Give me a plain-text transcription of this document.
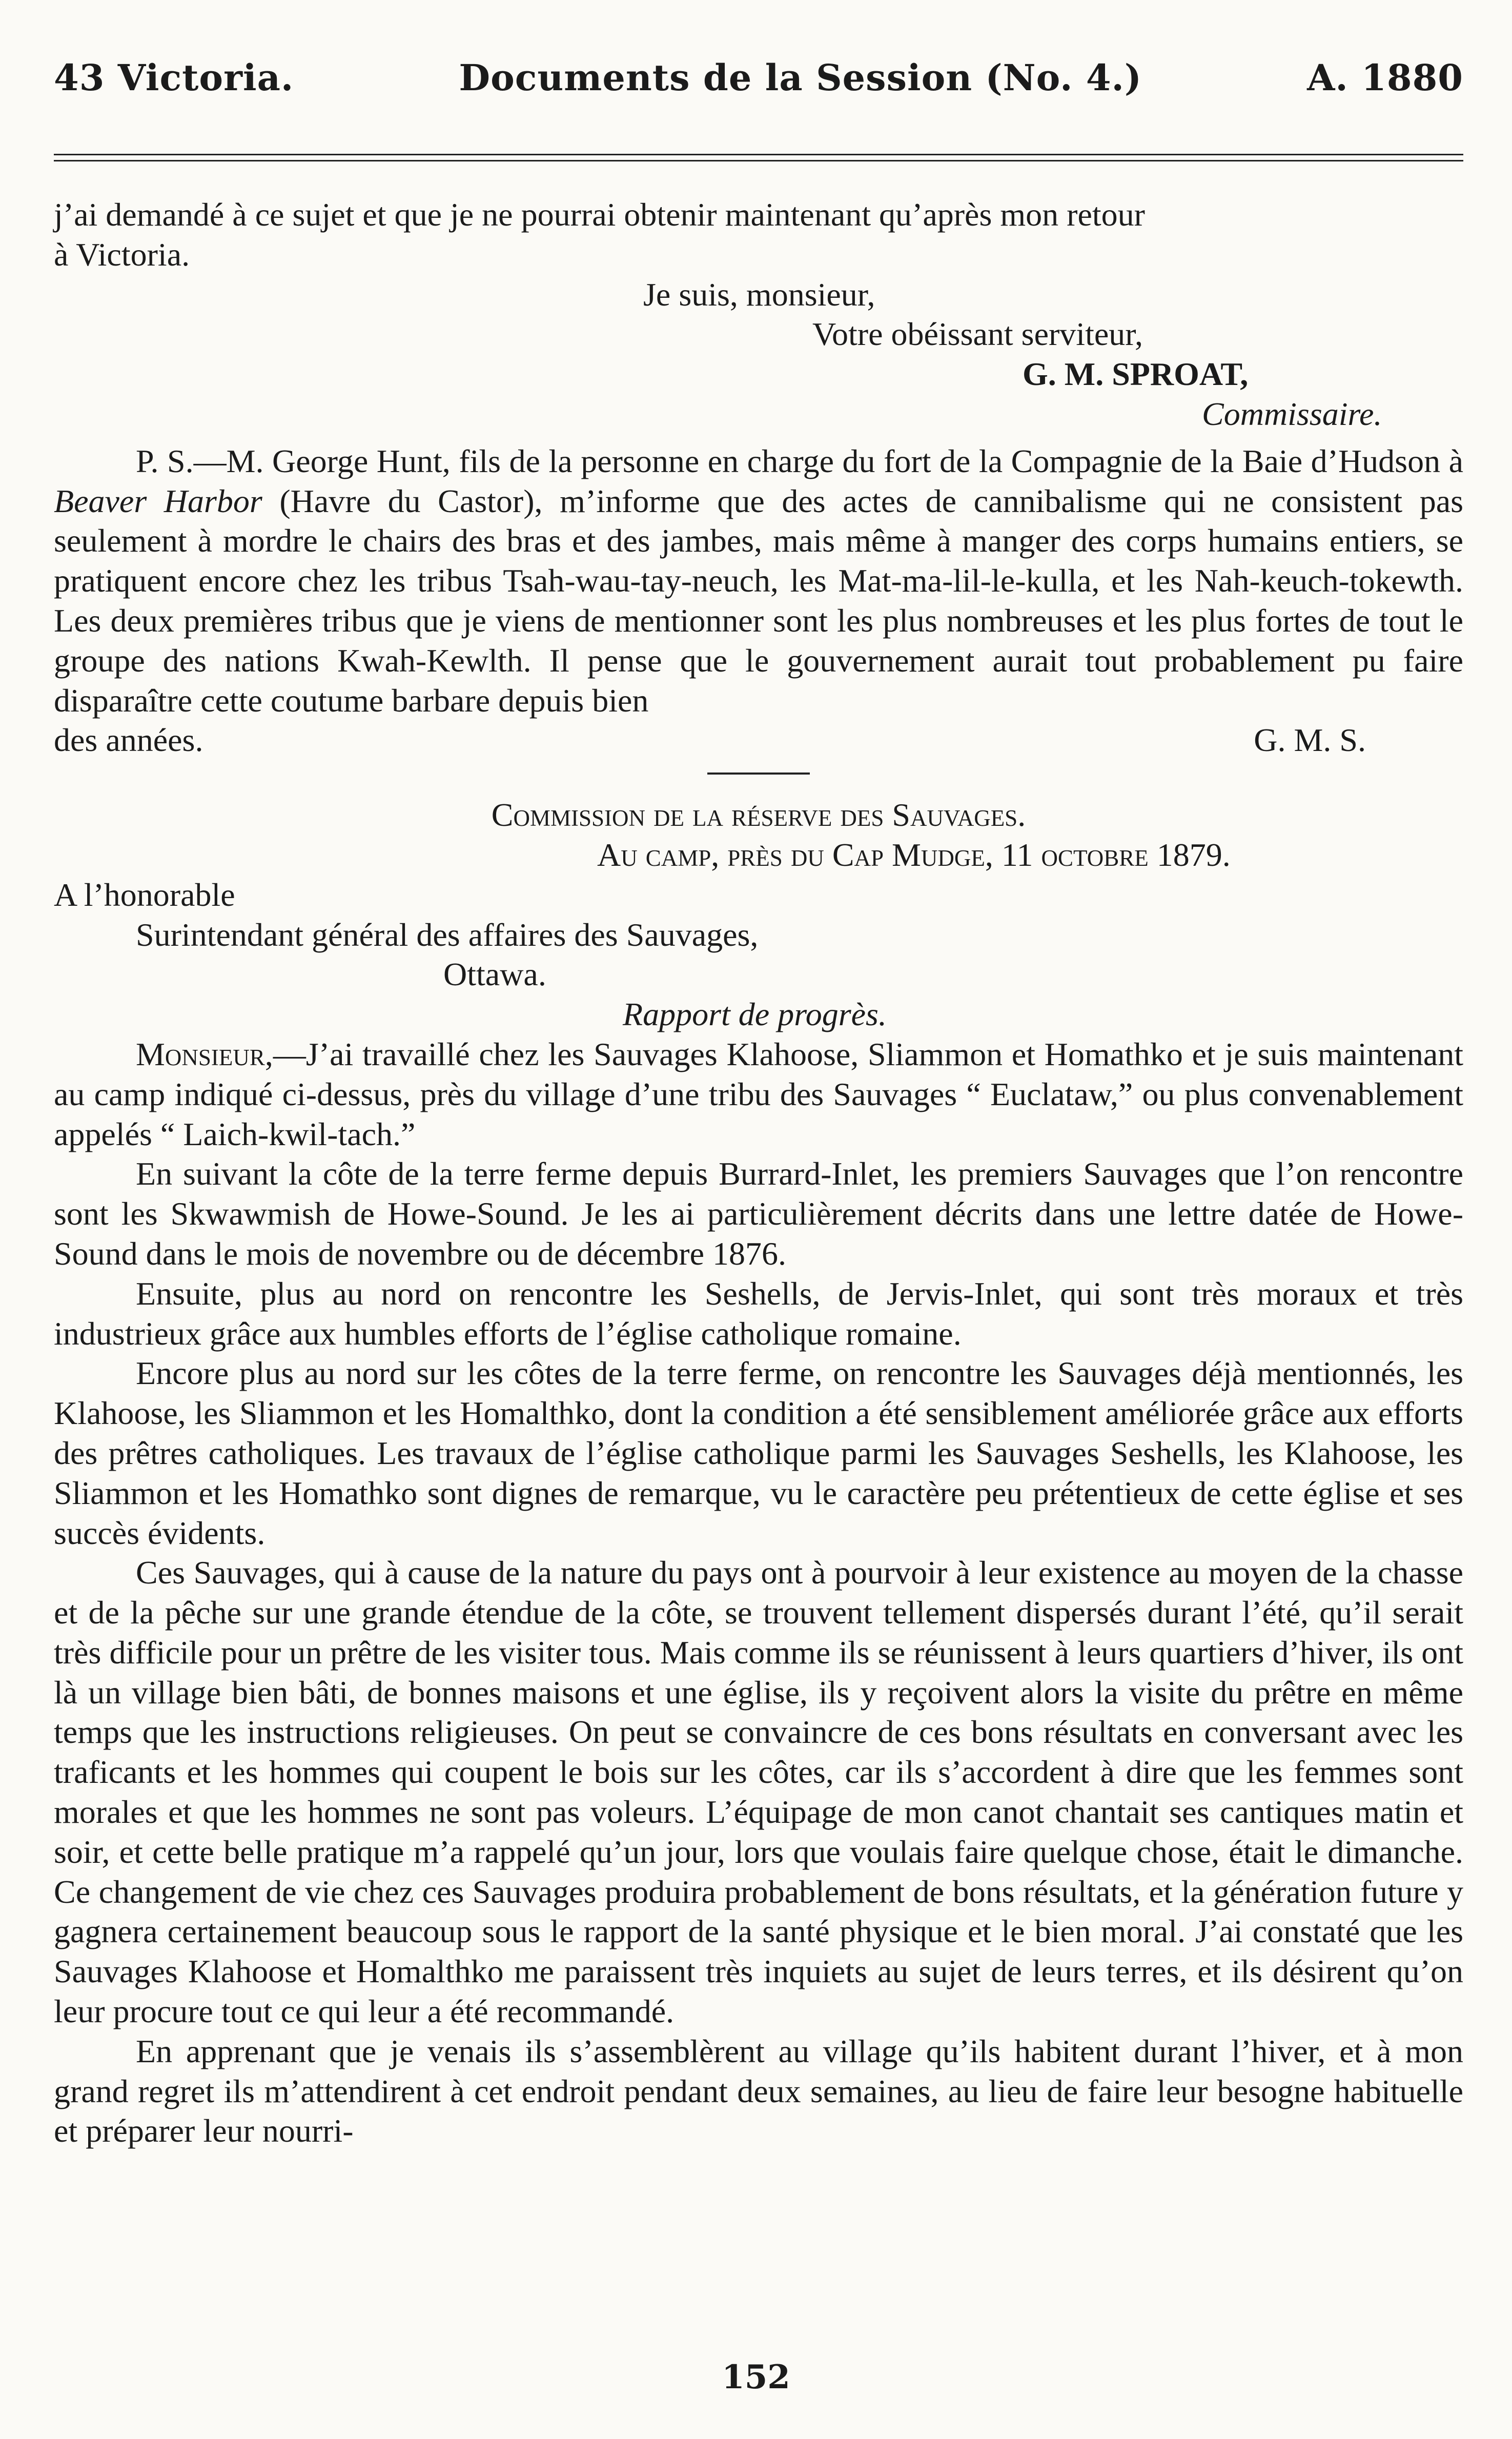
43 Victoria.	Documents de la Session (No. 4.)	A. 1880

j’ai demandé à ce sujet et que je ne pourrai obtenir maintenant qu’après mon retour

à Victoria.

Je suis, monsieur,

Votre obéissant serviteur,

G. M. SPROAT,

Commissaire.

P. S.—M. George Hunt, fils de la personne en charge du fort de la Compagnie de la Baie d’Hudson à Beaver Harbor (Havre du Castor), m’informe que des actes de cannibalisme qui ne consistent pas seulement à mordre le chairs des bras et des jambes, mais même à manger des corps humains entiers, se pratiquent encore chez les tribus Tsah-wau-tay-neuch, les Mat-ma-lil-le-kulla, et les Nah-keuch-tokewth. Les deux premières tribus que je viens de mentionner sont les plus nombreuses et les plus fortes de tout le groupe des nations Kwah-Kewlth. Il pense que le gouvernement aurait tout probablement pu faire disparaître cette coutume barbare depuis bien

des années.	G. M. S.

Commission de la réserve des Sauvages.

Au camp, près du Cap Mudge, 11 octobre 1879.

A l’honorable

Surintendant général des affaires des Sauvages,

Ottawa.

Rapport de progrès.

Monsieur,—J’ai travaillé chez les Sauvages Klahoose, Sliammon et Homathko et je suis maintenant au camp indiqué ci-dessus, près du village d’une tribu des Sauvages “ Euclataw,” ou plus convenablement appelés “ Laich-kwil-tach.”

En suivant la côte de la terre ferme depuis Burrard-Inlet, les premiers Sauvages que l’on rencontre sont les Skwawmish de Howe-Sound. Je les ai particulièrement décrits dans une lettre datée de Howe-Sound dans le mois de novembre ou de décembre 1876.

Ensuite, plus au nord on rencontre les Seshells, de Jervis-Inlet, qui sont très moraux et très industrieux grâce aux humbles efforts de l’église catholique romaine.

Encore plus au nord sur les côtes de la terre ferme, on rencontre les Sauvages déjà mentionnés, les Klahoose, les Sliammon et les Homalthko, dont la condition a été sensiblement améliorée grâce aux efforts des prêtres catholiques. Les travaux de l’église catholique parmi les Sauvages Seshells, les Klahoose, les Sliammon et les Homathko sont dignes de remarque, vu le caractère peu prétentieux de cette église et ses succès évidents.

Ces Sauvages, qui à cause de la nature du pays ont à pourvoir à leur existence au moyen de la chasse et de la pêche sur une grande étendue de la côte, se trouvent tellement dispersés durant l’été, qu’il serait très difficile pour un prêtre de les visiter tous. Mais comme ils se réunissent à leurs quartiers d’hiver, ils ont là un village bien bâti, de bonnes maisons et une église, ils y reçoivent alors la visite du prêtre en même temps que les instructions religieuses. On peut se convaincre de ces bons résultats en conversant avec les traficants et les hommes qui coupent le bois sur les côtes, car ils s’accordent à dire que les femmes sont morales et que les hommes ne sont pas voleurs. L’équipage de mon canot chantait ses cantiques matin et soir, et cette belle pratique m’a rappelé qu’un jour, lors que voulais faire quelque chose, était le dimanche. Ce changement de vie chez ces Sauvages produira probablement de bons résultats, et la génération future y gagnera certainement beaucoup sous le rapport de la santé physique et le bien moral. J’ai constaté que les Sauvages Klahoose et Homalthko me paraissent très inquiets au sujet de leurs terres, et ils désirent qu’on leur procure tout ce qui leur a été recommandé.

En apprenant que je venais ils s’assemblèrent au village qu’ils habitent durant l’hiver, et à mon grand regret ils m’attendirent à cet endroit pendant deux semaines, au lieu de faire leur besogne habituelle et préparer leur nourri-

152
